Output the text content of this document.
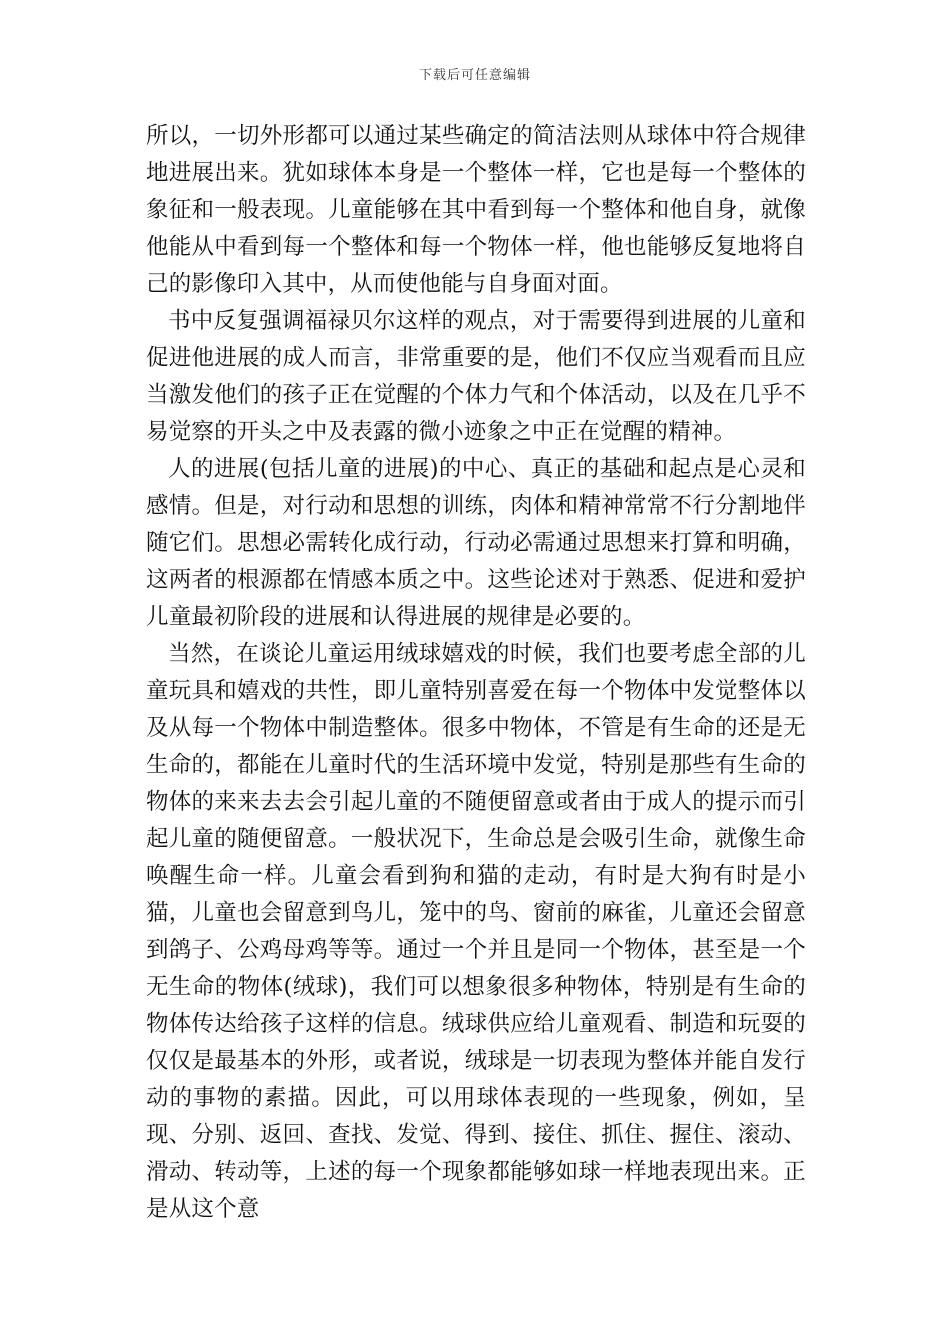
下载后可任意编辑

所以，一切外形都可以通过某些确定的简洁法则从球体中符合规律地进展出来。犹如球体本身是一个整体一样，它也是每一个整体的象征和一般表现。儿童能够在其中看到每一个整体和他自身，就像他能从中看到每一个整体和每一个物体一样，他也能够反复地将自己的影像印入其中，从而使他能与自身面对面。

书中反复强调福禄贝尔这样的观点，对于需要得到进展的儿童和促进他进展的成人而言，非常重要的是，他们不仅应当观看而且应当激发他们的孩子正在觉醒的个体力气和个体活动，以及在几乎不易觉察的开头之中及表露的微小迹象之中正在觉醒的精神。

人的进展(包括儿童的进展)的中心、真正的基础和起点是心灵和感情。但是，对行动和思想的训练，肉体和精神常常不行分割地伴随它们。思想必需转化成行动，行动必需通过思想来打算和明确，这两者的根源都在情感本质之中。这些论述对于熟悉、促进和爱护儿童最初阶段的进展和认得进展的规律是必要的。

当然，在谈论儿童运用绒球嬉戏的时候，我们也要考虑全部的儿童玩具和嬉戏的共性，即儿童特别喜爱在每一个物体中发觉整体以及从每一个物体中制造整体。很多中物体，不管是有生命的还是无生命的，都能在儿童时代的生活环境中发觉，特别是那些有生命的物体的来来去去会引起儿童的不随便留意或者由于成人的提示而引起儿童的随便留意。一般状况下，生命总是会吸引生命，就像生命唤醒生命一样。儿童会看到狗和猫的走动，有时是大狗有时是小猫，儿童也会留意到鸟儿，笼中的鸟、窗前的麻雀，儿童还会留意到鸽子、公鸡母鸡等等。通过一个并且是同一个物体，甚至是一个无生命的物体(绒球)，我们可以想象很多种物体，特别是有生命的物体传达给孩子这样的信息。绒球供应给儿童观看、制造和玩耍的仅仅是最基本的外形，或者说，绒球是一切表现为整体并能自发行动的事物的素描。因此，可以用球体表现的一些现象，例如，呈现、分别、返回、查找、发觉、得到、接住、抓住、握住、滚动、滑动、转动等，上述的每一个现象都能够如球一样地表现出来。正是从这个意
